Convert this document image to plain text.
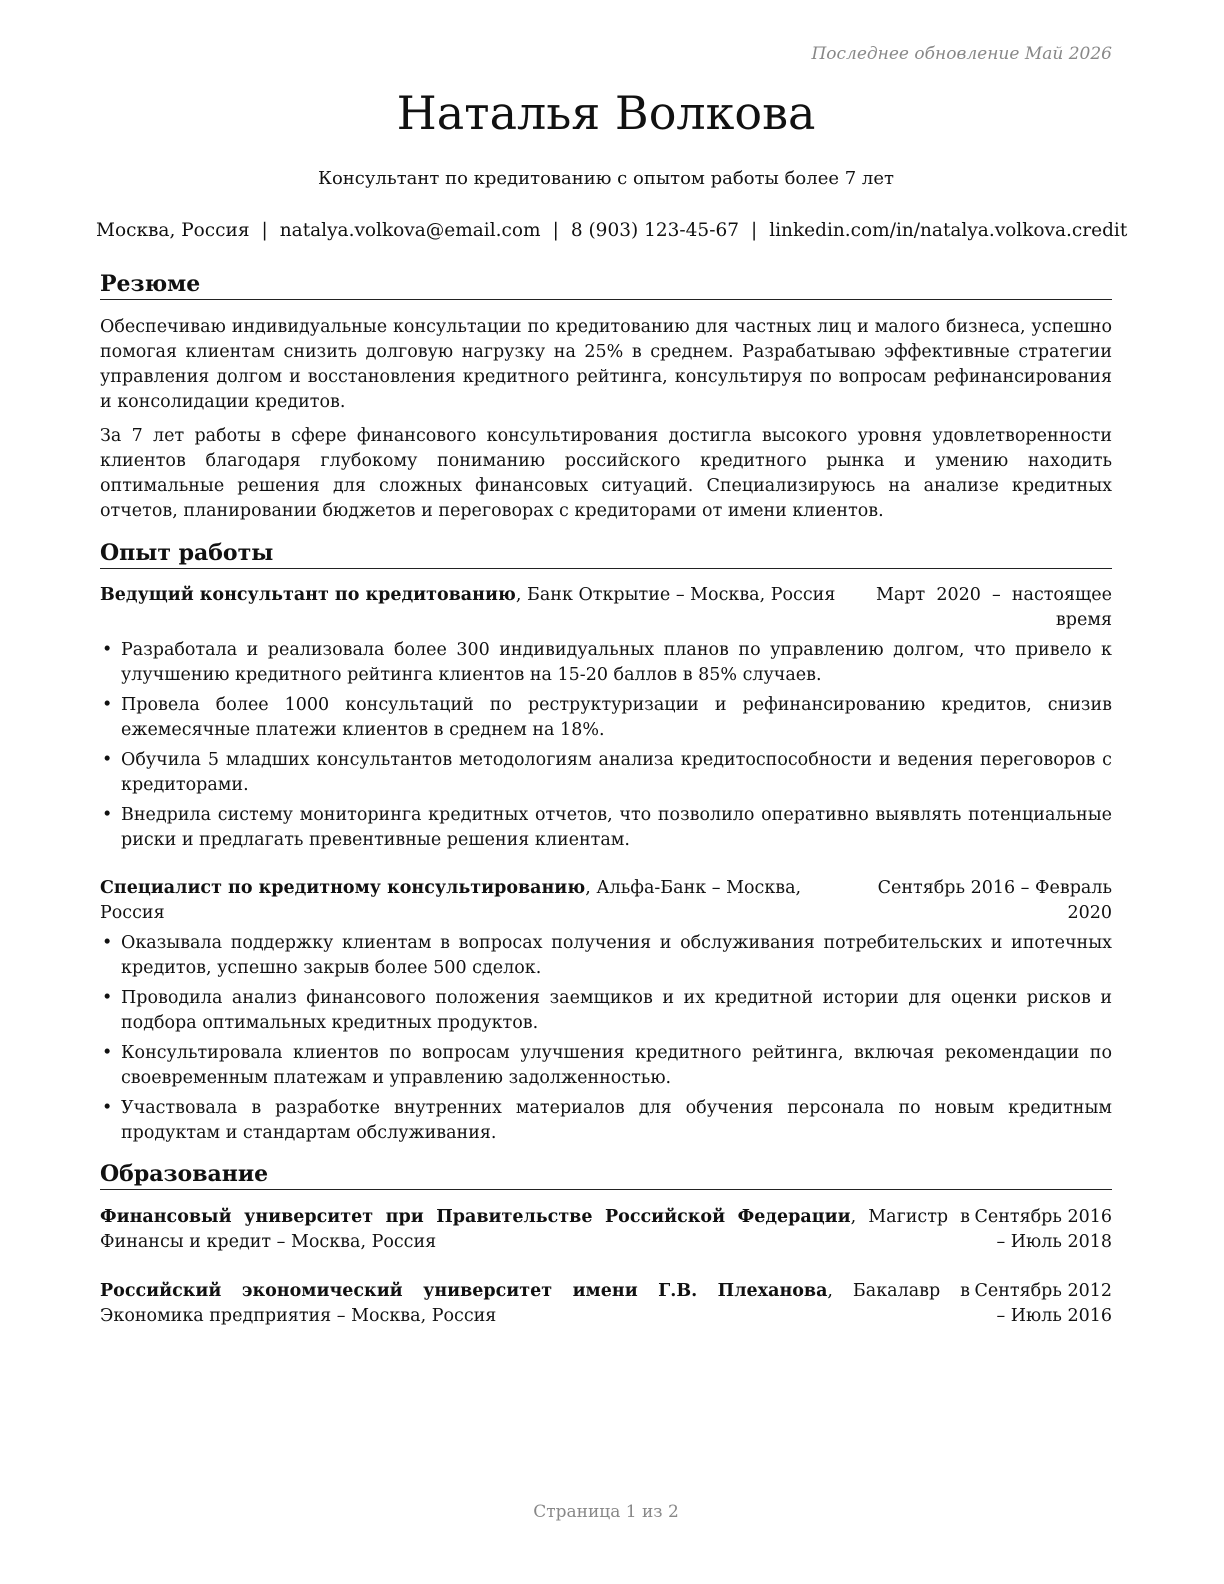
Последнее обновление Май 2026
Наталья Волкова
Консультант по кредитованию с опытом работы более 7 лет
Москва, Россия | natalya.volkova@email.com | 8 (903) 123-45-67 | linkedin.com/in/natalya.volkova.credit
Резюме

Обеспечиваю индивидуальные консультации по кредитованию для частных лиц и малого бизнеса, успешно помогая клиентам снизить долговую нагрузку на 25% в среднем. Разрабатываю эффективные стратегии управления долгом и восстановления кредитного рейтинга, консультируя по вопросам рефинансирования и консолидации кредитов.

За 7 лет работы в сфере финансового консультирования достигла высокого уровня удовлетворенности клиентов благодаря глубокому пониманию российского кредитного рынка и умению находить оптимальные решения для сложных финансовых ситуаций. Специализируюсь на анализе кредитных отчетов, планировании бюджетов и переговорах с кредиторами от имени клиентов.

Опыт работы
Ведущий консультант по кредитованию, Банк Открытие – Москва, Россия	Март 2020 – настоящее время
• Разработала и реализовала более 300 индивидуальных планов по управлению долгом, что привело к улучшению кредитного рейтинга клиентов на 15-20 баллов в 85% случаев.
• Провела более 1000 консультаций по реструктуризации и рефинансированию кредитов, снизив ежемесячные платежи клиентов в среднем на 18%.
• Обучила 5 младших консультантов методологиям анализа кредитоспособности и ведения переговоров с кредиторами.
• Внедрила систему мониторинга кредитных отчетов, что позволило оперативно выявлять потенциальные риски и предлагать превентивные решения клиентам.
Специалист по кредитному консультированию, Альфа-Банк – Москва, Россия
Сентябрь 2016 – Февраль 2020
• Оказывала поддержку клиентам в вопросах получения и обслуживания потребительских и ипотечных кредитов, успешно закрыв более 500 сделок.
• Проводила анализ финансового положения заемщиков и их кредитной истории для оценки рисков и подбора оптимальных кредитных продуктов.
• Консультировала клиентов по вопросам улучшения кредитного рейтинга, включая рекомендации по своевременным платежам и управлению задолженностью.
• Участвовала в разработке внутренних материалов для обучения персонала по новым кредитным продуктам и стандартам обслуживания.
Образование
Финансовый университет при Правительстве Российской Федерации, Магистр в Финансы и кредит – Москва, Россия
Сентябрь 2016 – Июль 2018
Российский экономический университет имени Г.В. Плеханова, Бакалавр в Экономика предприятия – Москва, Россия
Сентябрь 2012 – Июль 2016
Страница 1 из 2
